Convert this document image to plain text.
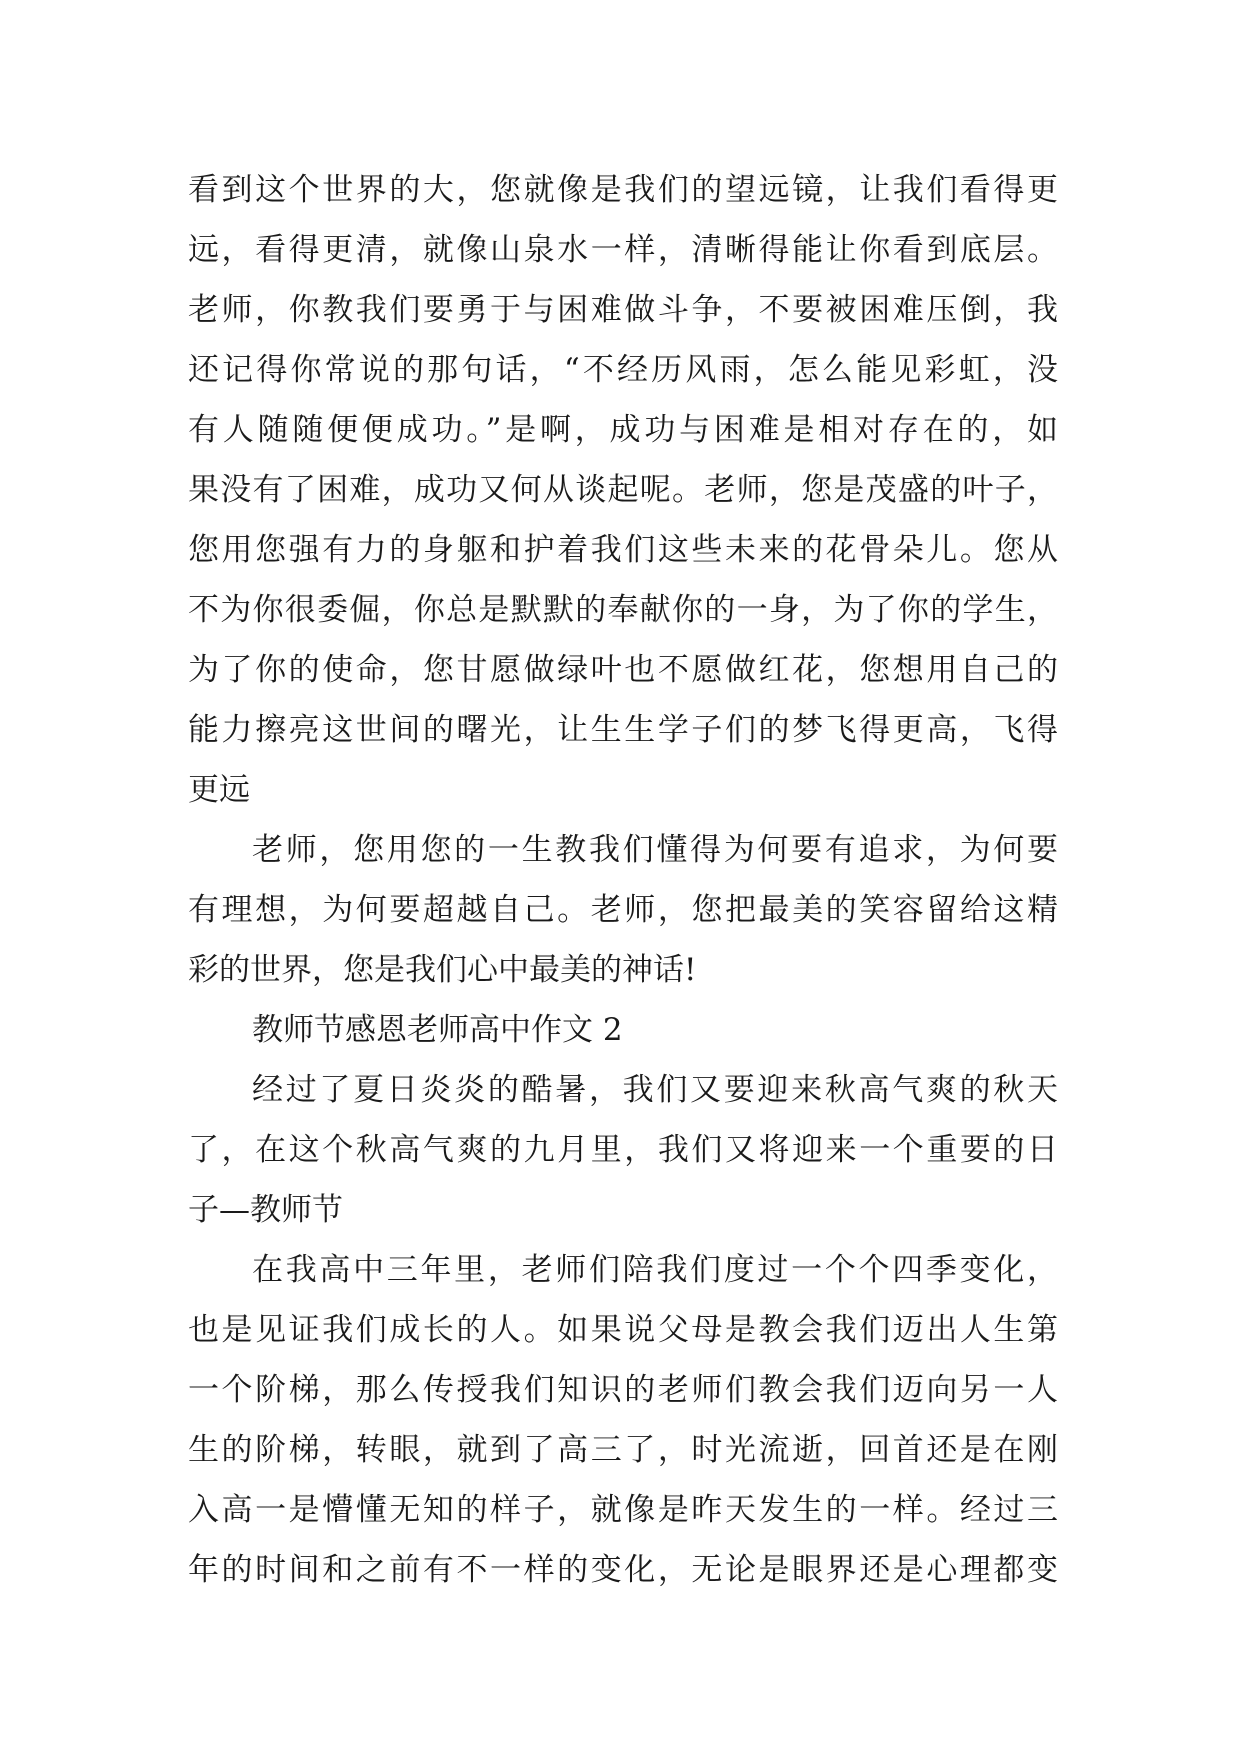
看到这个世界的大，您就像是我们的望远镜，让我们看得更
远，看得更清，就像山泉水一样，清晰得能让你看到底层。
老师，你教我们要勇于与困难做斗争，不要被困难压倒，我
还记得你常说的那句话，“不经历风雨，怎么能见彩虹，没
有人随随便便成功。”是啊，成功与困难是相对存在的，如
果没有了困难，成功又何从谈起呢。老师，您是茂盛的叶子，
您用您强有力的身躯和护着我们这些未来的花骨朵儿。您从
不为你很委倔，你总是默默的奉献你的一身，为了你的学生，
为了你的使命，您甘愿做绿叶也不愿做红花，您想用自己的
能力擦亮这世间的曙光，让生生学子们的梦飞得更高，飞得
更远
老师，您用您的一生教我们懂得为何要有追求，为何要
有理想，为何要超越自己。老师，您把最美的笑容留给这精
彩的世界，您是我们心中最美的神话!
教师节感恩老师高中作文 2
经过了夏日炎炎的酷暑，我们又要迎来秋高气爽的秋天
了，在这个秋高气爽的九月里，我们又将迎来一个重要的日
子—教师节
在我高中三年里，老师们陪我们度过一个个四季变化，
也是见证我们成长的人。如果说父母是教会我们迈出人生第
一个阶梯，那么传授我们知识的老师们教会我们迈向另一人
生的阶梯，转眼，就到了高三了，时光流逝，回首还是在刚
入高一是懵懂无知的样子，就像是昨天发生的一样。经过三
年的时间和之前有不一样的变化，无论是眼界还是心理都变
